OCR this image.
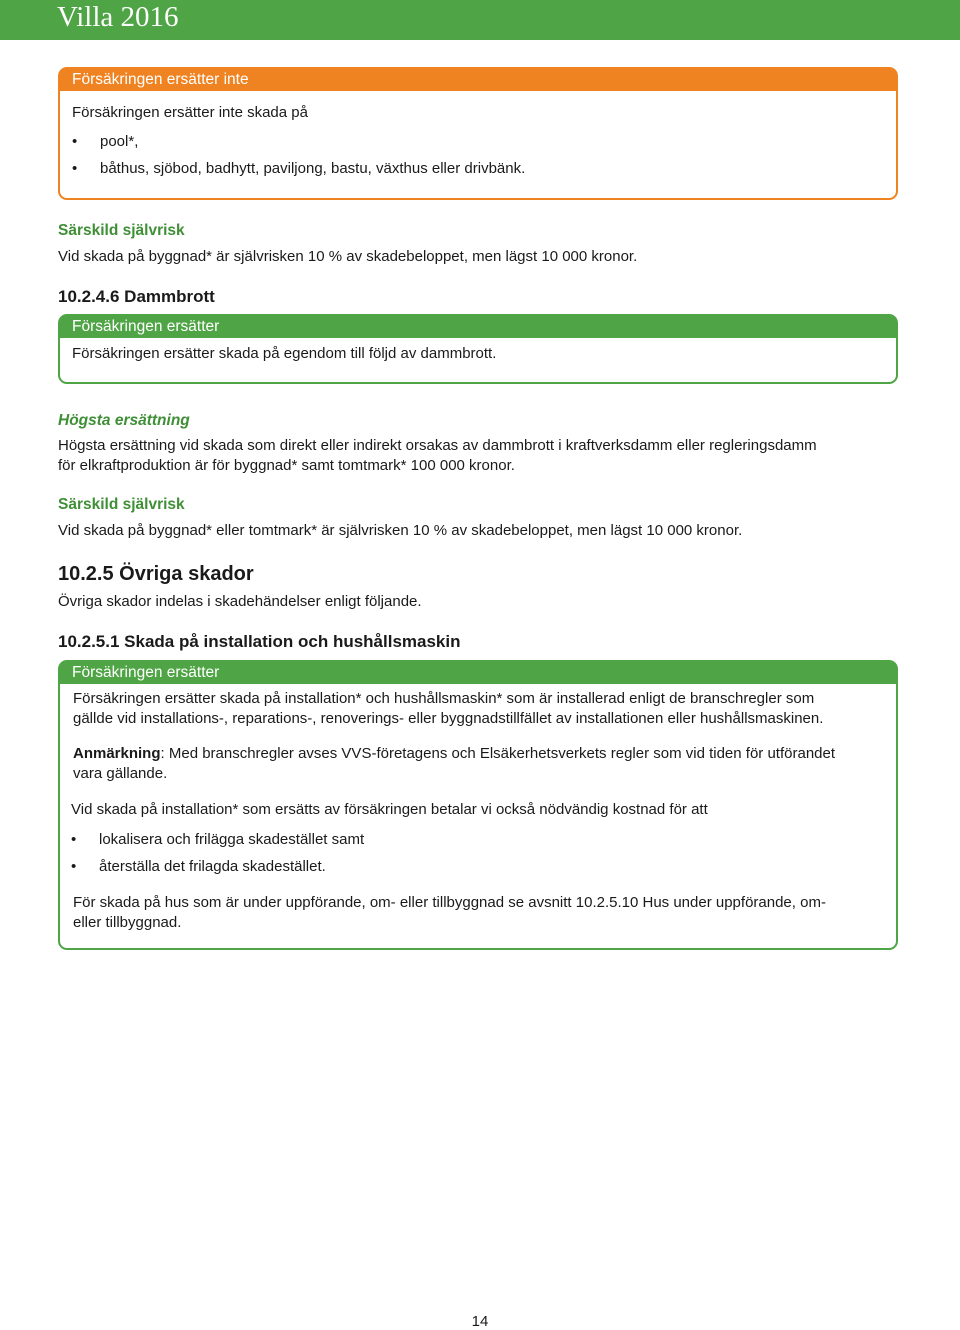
Villa 2016
Försäkringen ersätter inte
Försäkringen ersätter inte skada på
• pool*,
• båthus, sjöbod, badhytt, paviljong, bastu, växthus eller drivbänk.
Särskild självrisk
Vid skada på byggnad* är självrisken 10 % av skadebeloppet, men lägst 10 000 kronor.
10.2.4.6 Dammbrott
Försäkringen ersätter
Försäkringen ersätter skada på egendom till följd av dammbrott.
Högsta ersättning
Högsta ersättning vid skada som direkt eller indirekt orsakas av dammbrott i kraftverksdamm eller regleringsdamm
för elkraftproduktion är för byggnad* samt tomtmark* 100 000 kronor.
Särskild självrisk
Vid skada på byggnad* eller tomtmark* är självrisken 10 % av skadebeloppet, men lägst 10 000 kronor.
10.2.5 Övriga skador
Övriga skador indelas i skadehändelser enligt följande.
10.2.5.1 Skada på installation och hushållsmaskin
Försäkringen ersätter
Försäkringen ersätter skada på installation* och hushållsmaskin* som är installerad enligt de branschregler som
gällde vid installations-, reparations-, renoverings- eller byggnadstillfället av installationen eller hushållsmaskinen.
Anmärkning: Med branschregler avses VVS-företagens och Elsäkerhetsverkets regler som vid tiden för utförandet
vara gällande.
Vid skada på installation* som ersätts av försäkringen betalar vi också nödvändig kostnad för att
• lokalisera och frilägga skadestället samt
• återställa det frilagda skadestället.
För skada på hus som är under uppförande, om- eller tillbyggnad se avsnitt 10.2.5.10 Hus under uppförande, om-
eller tillbyggnad.
14
